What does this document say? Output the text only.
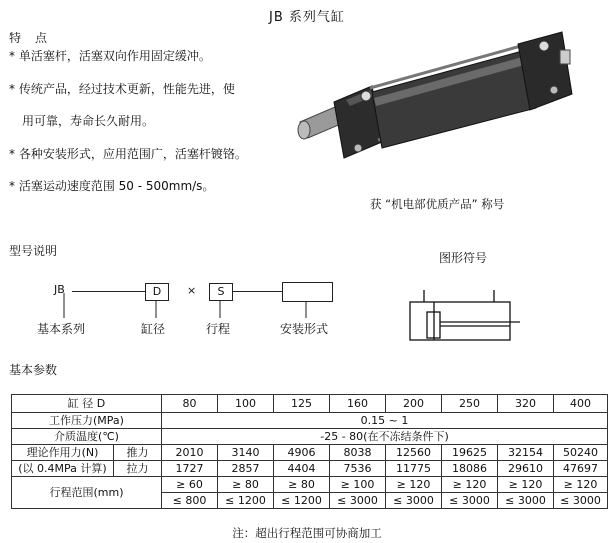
JB 系列气缸
特点
* 单活塞杆，活塞双向作用固定缓冲。
* 传统产品，经过技术更新，性能先进，使
用可靠，寿命长久耐用。
* 各种安装形式，应用范围广，活塞杆镀铬。
* 活塞运动速度范围 50 - 500mm/s。
获 “机电部优质产品” 称号
型号说明
JB	D	×	S
基本系列	缸径	行程	安装形式
图形符号
基本参数
缸 径 D		80	100	125	160	200	250	320	400
工作压力(MPa)		0.15 ~ 1							
介质温度(℃)		-25 - 80(在不冻结条件下)							
理论作用力(N)	推力	2010	3140	4906	8038	12560	19625	32154	50240
(以 0.4MPa 计算)	拉力	1727	2857	4404	7536	11775	18086	29610	47697
行程范围(mm)		≥ 60	≥ 80	≥ 80	≥ 100	≥ 120	≥ 120	≥ 120	≥ 120
		≤ 800	≤ 1200	≤ 1200	≤ 3000	≤ 3000	≤ 3000	≤ 3000	≤ 3000
注：超出行程范围可协商加工
